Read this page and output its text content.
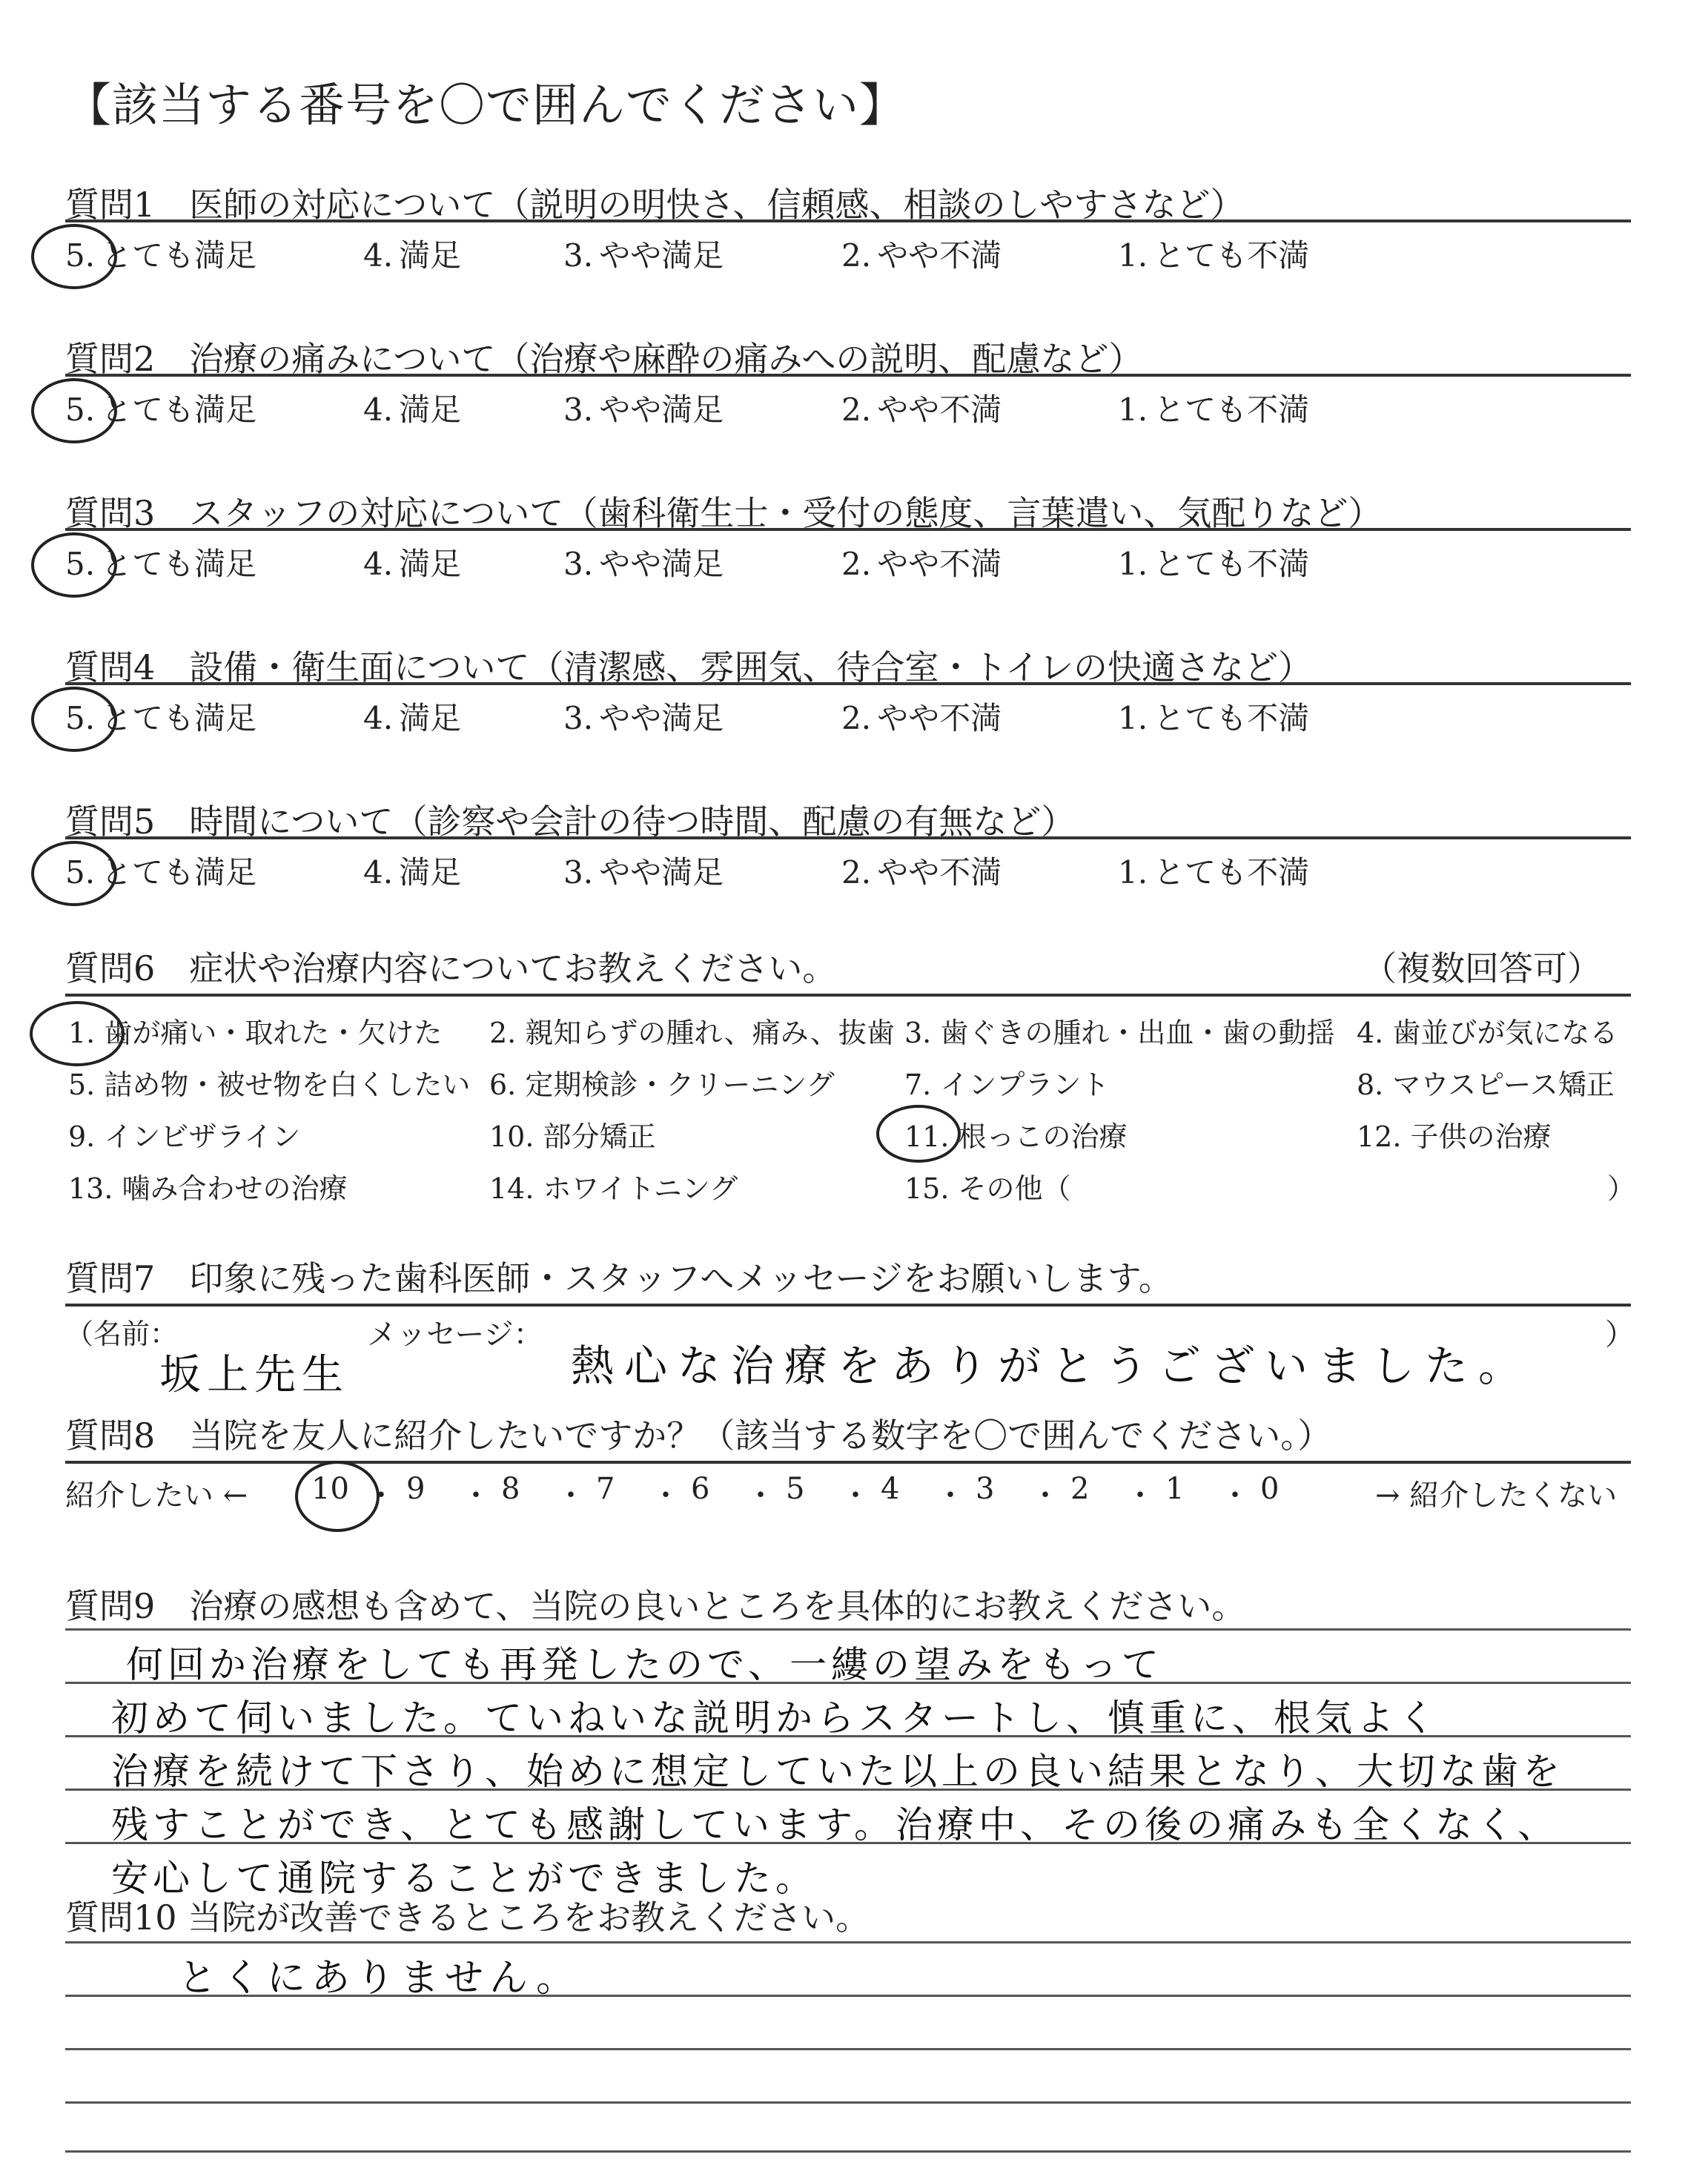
【該当する番号を〇で囲んでください】
質問1　医師の対応について（説明の明快さ、信頼感、相談のしやすさなど）
5. とても満足	4. 満足	3. やや満足	2. やや不満	1. とても不満
質問2　治療の痛みについて（治療や麻酔の痛みへの説明、配慮など）
5. とても満足	4. 満足	3. やや満足	2. やや不満	1. とても不満
質問3　スタッフの対応について（歯科衛生士・受付の態度、言葉遣い、気配りなど）
5. とても満足	4. 満足	3. やや満足	2. やや不満	1. とても不満
質問4　設備・衛生面について（清潔感、雰囲気、待合室・トイレの快適さなど）
5. とても満足	4. 満足	3. やや満足	2. やや不満	1. とても不満
質問5　時間について（診察や会計の待つ時間、配慮の有無など）
5. とても満足	4. 満足	3. やや満足	2. やや不満	1. とても不満
質問6　症状や治療内容についてお教えください。	（複数回答可）
1. 歯が痛い・取れた・欠けた 2. 親知らずの腫れ、痛み、抜歯 3. 歯ぐきの腫れ・出血・歯の動揺 4. 歯並びが気になる
5. 詰め物・被せ物を白くしたい 6. 定期検診・クリーニング 7. インプラント	8. マウスピース矯正
9. インビザライン	10. 部分矯正	11. 根っこの治療	12. 子供の治療
13. 噛み合わせの治療	14. ホワイトニング	15. その他（	）
質問7　印象に残った歯科医師・スタッフへメッセージをお願いします。
（名前：
坂上先生
メッセージ：
熱心な治療をありがとうございました。
）
質問8　当院を友人に紹介したいですか？（該当する数字を〇で囲んでください。）
紹介したい ← 10 ・ 9 ・ 8 ・ 7 ・ 6 ・ 5 ・ 4 ・ 3 ・ 2 ・ 1 ・ 0	→ 紹介したくない
質問9　治療の感想も含めて、当院の良いところを具体的にお教えください。
何回か治療をしても再発したので、一縷の望みをもって
初めて伺いました。ていねいな説明からスタートし、慎重に、根気よく
治療を続けて下さり、始めに想定していた以上の良い結果となり、大切な歯を
残すことができ、とても感謝しています。治療中、その後の痛みも全くなく、
安心して通院することができました。
質問10 当院が改善できるところをお教えください。
とくにありません。
